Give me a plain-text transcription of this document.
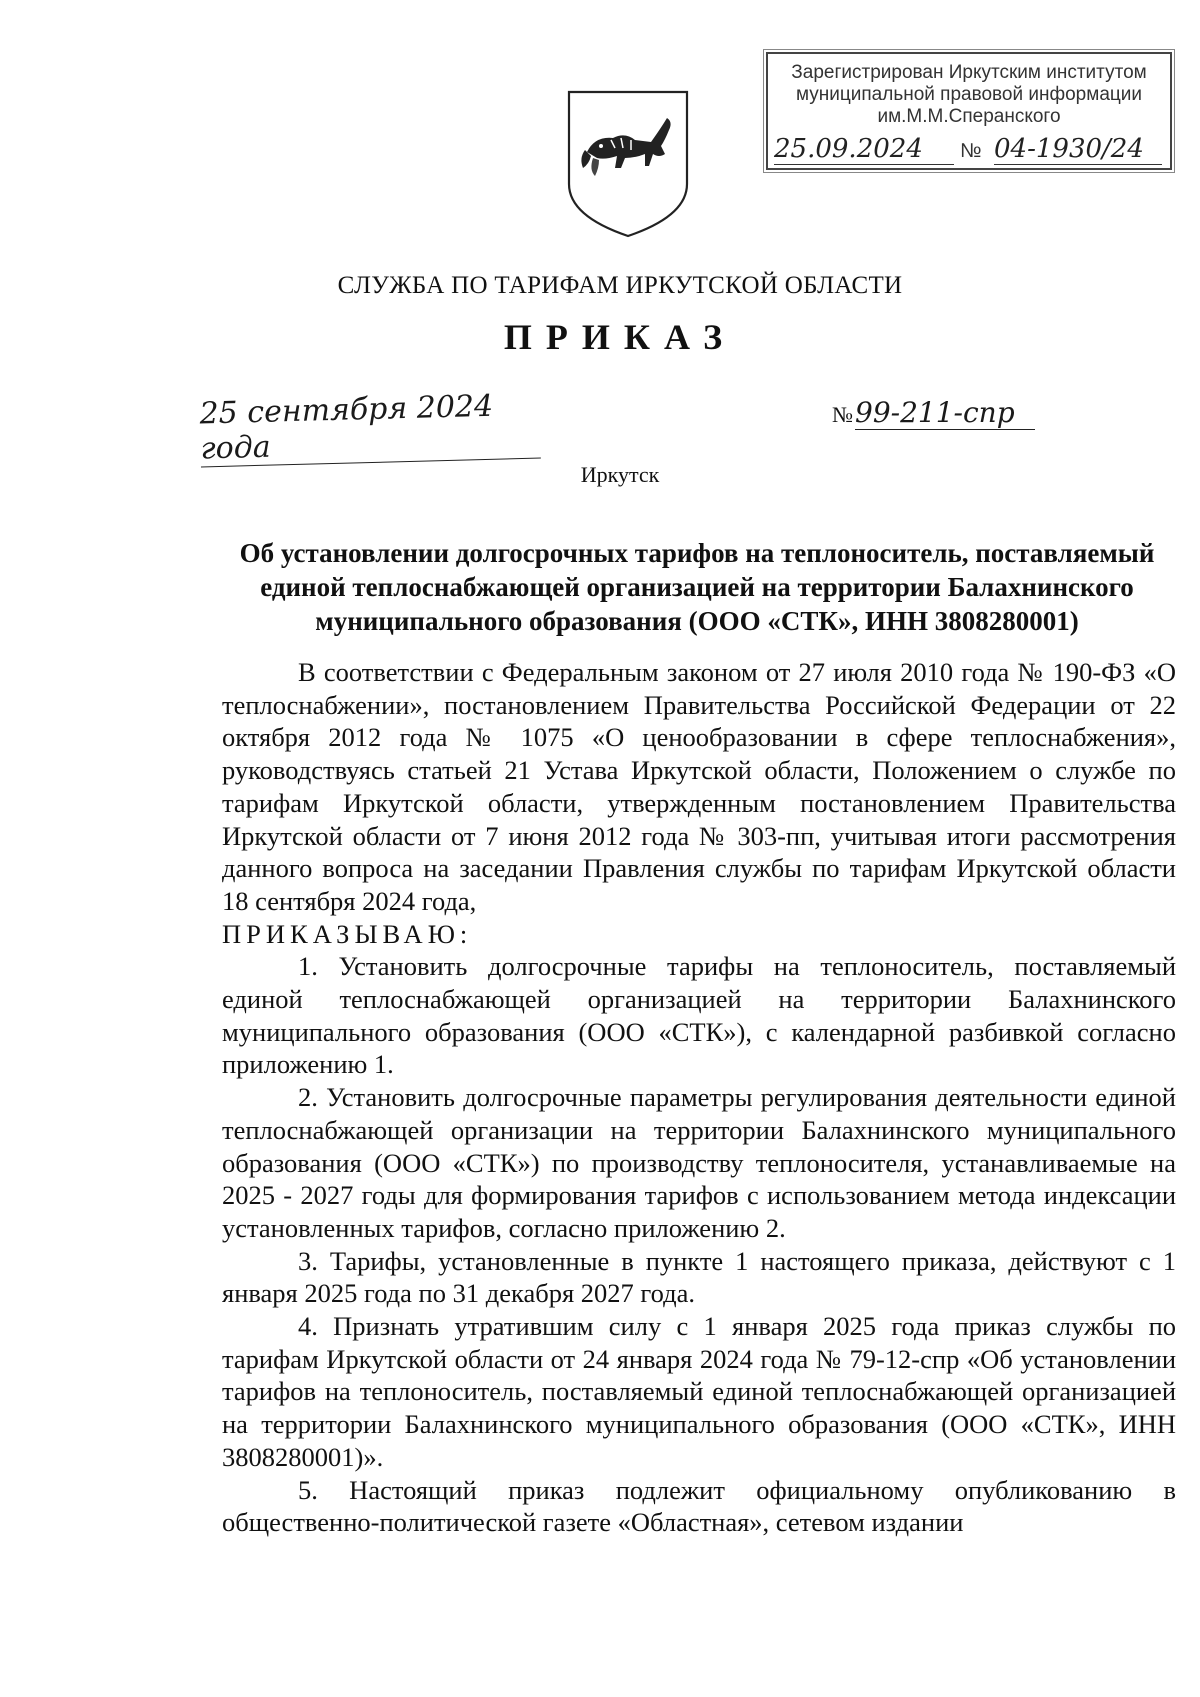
Зарегистрирован Иркутским институтом
муниципальной правовой информации
им.М.М.Сперанского
25.09.2024	№ 04-1930/24
СЛУЖБА ПО ТАРИФАМ ИРКУТСКОЙ ОБЛАСТИ
ПРИКАЗ
25 сентября 2024 года
№99-211-спр
Иркутск
Об установлении долгосрочных тарифов на теплоноситель, поставляемый единой теплоснабжающей организацией на территории Балахнинского муниципального образования (ООО «СТК», ИНН 3808280001)

В соответствии с Федеральным законом от 27 июля 2010 года № 190-ФЗ «О теплоснабжении», постановлением Правительства Российской Федерации от 22 октября 2012 года № 1075 «О ценообразовании в сфере теплоснабжения», руководствуясь статьей 21 Устава Иркутской области, Положением о службе по тарифам Иркутской области, утвержденным постановлением Правительства Иркутской области от 7 июня 2012 года № 303-пп, учитывая итоги рассмотрения данного вопроса на заседании Правления службы по тарифам Иркутской области 18 сентября 2024 года,

ПРИКАЗЫВАЮ:

1. Установить долгосрочные тарифы на теплоноситель, поставляемый единой теплоснабжающей организацией на территории Балахнинского муниципального образования (ООО «СТК»), с календарной разбивкой согласно приложению 1.

2. Установить долгосрочные параметры регулирования деятельности единой теплоснабжающей организации на территории Балахнинского муниципального образования (ООО «СТК») по производству теплоносителя, устанавливаемые на 2025 - 2027 годы для формирования тарифов с использованием метода индексации установленных тарифов, согласно приложению 2.

3. Тарифы, установленные в пункте 1 настоящего приказа, действуют с 1 января 2025 года по 31 декабря 2027 года.

4. Признать утратившим силу с 1 января 2025 года приказ службы по тарифам Иркутской области от 24 января 2024 года № 79-12-спр «Об установлении тарифов на теплоноситель, поставляемый единой теплоснабжающей организацией на территории Балахнинского муниципального образования (ООО «СТК», ИНН 3808280001)».

5. Настоящий приказ подлежит официальному опубликованию в общественно-политической газете «Областная», сетевом издании
